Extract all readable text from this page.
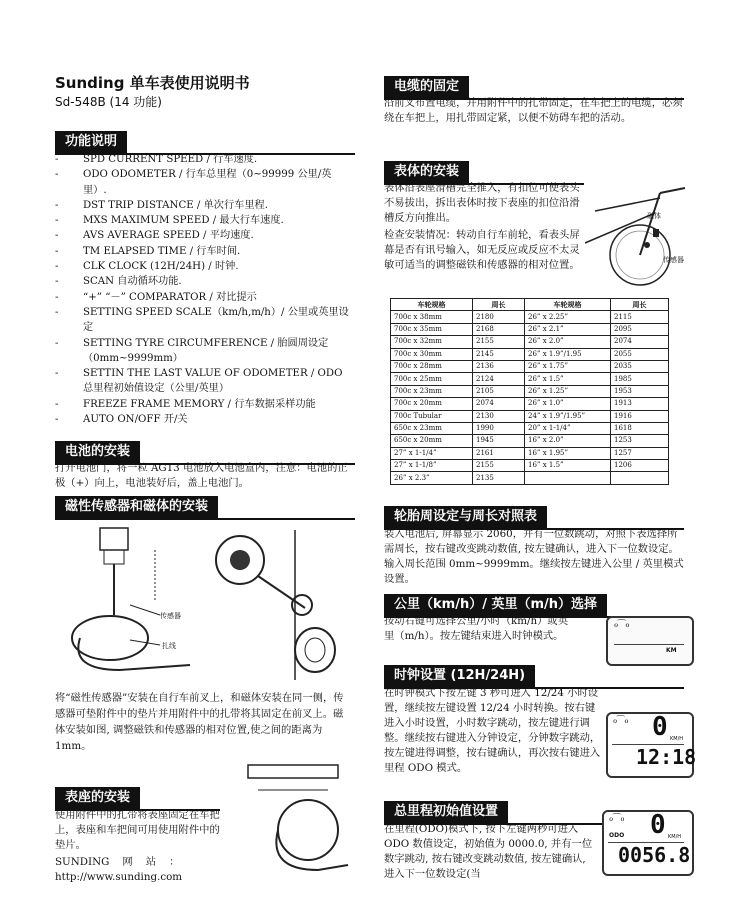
Sunding 单车表使用说明书
Sd-548B (14 功能)
功能说明
-	SPD CURRENT SPEED / 行车速度.
-	ODO ODOMETER / 行车总里程（0~99999 公里/英里）.
-	DST TRIP DISTANCE / 单次行车里程.
-	MXS MAXIMUM SPEED / 最大行车速度.
-	AVS AVERAGE SPEED / 平均速度.
-	TM ELAPSED TIME / 行车时间.
-	CLK CLOCK (12H/24H) / 时钟.
-	SCAN 自动循环功能.
-	“+” “－” COMPARATOR / 对比提示
-	SETTING SPEED SCALE（km/h,m/h）/ 公里或英里设定
-	SETTING TYRE CIRCUMFERENCE / 胎圆周设定（0mm~9999mm）
-	SETTIN THE LAST VALUE OF ODOMETER / ODO 总里程初始值设定（公里/英里）
-	FREEZE FRAME MEMORY / 行车数据采样功能
-	AUTO ON/OFF 开/关
电池的安装
打开电池门，将一粒 AG13 电池放入电池盒内，注意：电池的正极（+）向上，电池装好后，盖上电池门。
磁性传感器和磁体的安装
传感器
扎线
将“磁性传感器”安装在自行车前叉上，和磁体安装在同一侧，传感器可垫附件中的垫片并用附件中的扎带将其固定在前叉上。磁体安装如图, 调整磁铁和传感器的相对位置,使之间的距离为 1mm。
表座的安装
使用附件中的扎带将表座固定在车把上，表座和车把间可用使用附件中的垫片。
SUNDING    网    站    ：
http://www.sunding.com
电缆的固定
沿前叉布置电缆，并用附件中的扎带固定，在车把上的电缆，必须绕在车把上，用扎带固定紧，以便不妨碍车把的活动。
表体的安装
表体沿表座滑槽完全推入，有扣位可使表头不易拔出，拆出表体时按下表座的扣位沿滑槽反方向推出。
检查安装情况：转动自行车前轮，看表头屏幕是否有讯号输入，如无反应或反应不太灵敏可适当的调整磁铁和传感器的相对位置。
磁体
传感器
车轮规格	周长	车轮规格	周长
700c x 38mm	2180	26” x 2.25”	2115
700c x 35mm	2168	26” x 2.1”	2095
700c x 32mm	2155	26” x 2.0”	2074
700c x 30mm	2145	26” x 1.9”/1.95	2055
700c x 28mm	2136	26” x 1.75”	2035
700c x 25mm	2124	26” x 1.5”	1985
700c x 23mm	2105	26” x 1.25”	1953
700c x 20mm	2074	26” x 1.0”	1913
700c Tubular	2130	24” x 1.9”/1.95”	1916
650c x 23mm	1990	20” x 1-1/4”	1618
650c x 20mm	1945	16” x 2.0”	1253
27” x 1-1/4”	2161	16” x 1.95”	1257
27” x 1-1/8”	2155	16” x 1.5”	1206
26” x 2.3”	2135		
轮胎周设定与周长对照表
装入电池后, 屏幕显示 2060，并有一位数跳动，对照下表选择所需周长，按右键改变跳动数值, 按左键确认，进入下一位数设定。输入周长范围 0mm~9999mm。继续按左键进入公里 / 英里模式设置。
公里（km/h）/ 英里（m/h）选择
按动右键可选择公里/小时（km/h）或英里（m/h）。按左键结束进入时钟模式。
ℴ⁀ℴ
KM
时钟设置 (12H/24H)
在时钟模式下按左键 3 秒可进入 12/24 小时设置，继续按左键设置 12/24 小时转换。按右键进入小时设置，小时数字跳动，按左键进行调整。继续按右键进入分钟设定，分钟数字跳动，按左键进得调整，按右键确认，再次按右键进入里程 ODO 模式。
ℴ⁀ℴ 0 KM/H
12:18
总里程初始值设置
在里程(ODO)模式下, 按下左键两秒可进入 ODO 数值设定，初始值为 0000.0, 并有一位数字跳动, 按右键改变跳动数值, 按左键确认, 进入下一位数设定(当
ℴ⁀ℴ
ODO 0 KM/H
0056.8
